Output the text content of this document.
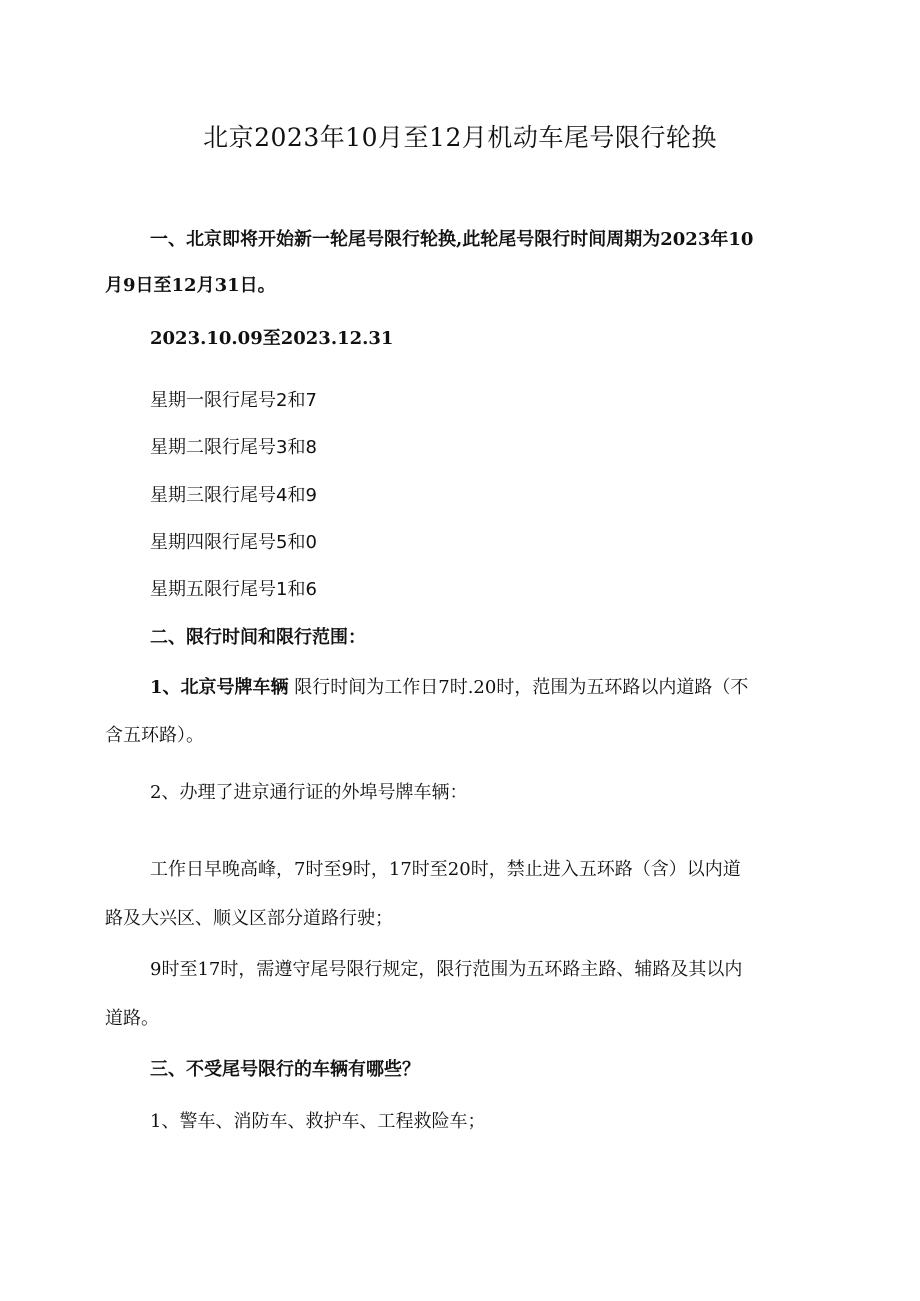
北京2023年10月至12月机动车尾号限行轮换
一、北京即将开始新一轮尾号限行轮换,此轮尾号限行时间周期为2023年10
月9日至12月31日。
2023.10.09至2023.12.31
星期一限行尾号2和7
星期二限行尾号3和8
星期三限行尾号4和9
星期四限行尾号5和0
星期五限行尾号1和6
二、限行时间和限行范围：
1、北京号牌车辆 限行时间为工作日7时.20时，范围为五环路以内道路（不
含五环路）。
2、办理了进京通行证的外埠号牌车辆：
工作日早晚高峰，7时至9时，17时至20时，禁止进入五环路（含）以内道
路及大兴区、顺义区部分道路行驶；
9时至17时，需遵守尾号限行规定，限行范围为五环路主路、辅路及其以内
道路。
三、不受尾号限行的车辆有哪些？
1、警车、消防车、救护车、工程救险车；
